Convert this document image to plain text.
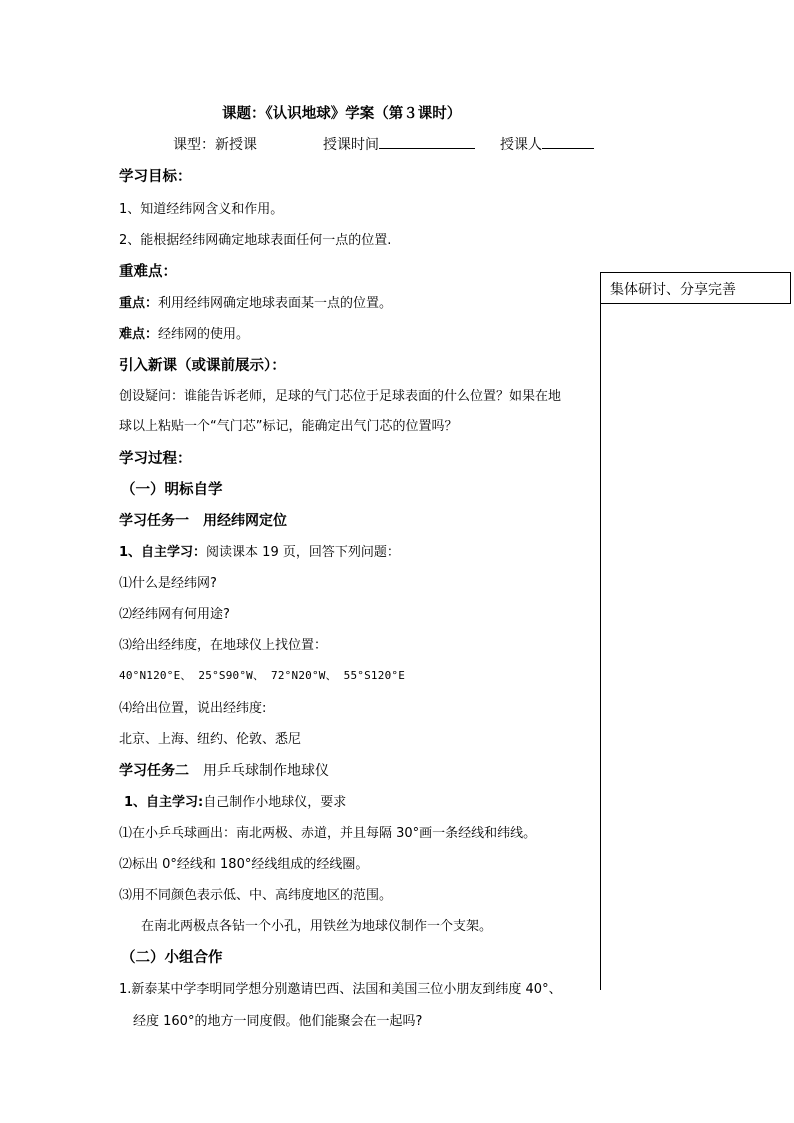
课题：《认识地球》学案（第３课时）
课型：新授课	授课时间	授课人
学习目标：
1、知道经纬网含义和作用。
2、能根据经纬网确定地球表面任何一点的位置.
重难点：
重点：利用经纬网确定地球表面某一点的位置。
难点：经纬网的使用。
引入新课（或课前展示）：
创设疑问：谁能告诉老师，足球的气门芯位于足球表面的什么位置？如果在地
球以上粘贴一个“气门芯”标记，能确定出气门芯的位置吗？
学习过程：
（一）明标自学
学习任务一 用经纬网定位
1、自主学习：阅读课本 19 页，回答下列问题：
⑴什么是经纬网?
⑵经纬网有何用途?
⑶给出经纬度，在地球仪上找位置：
40°N120°E、 25°S90°W、 72°N20°W、 55°S120°E
⑷给出位置，说出经纬度:
北京、上海、纽约、伦敦、悉尼
学习任务二 用乒乓球制作地球仪
1、自主学习:自己制作小地球仪，要求
⑴在小乒乓球画出：南北两极、赤道，并且每隔 30°画一条经线和纬线。
⑵标出 0°经线和 180°经线组成的经线圈。
⑶用不同颜色表示低、中、高纬度地区的范围。
在南北两极点各钻一个小孔，用铁丝为地球仪制作一个支架。
（二）小组合作
1.新泰某中学李明同学想分别邀请巴西、法国和美国三位小朋友到纬度 40°、
经度 160°的地方一同度假。他们能聚会在一起吗?
集体研讨、分享完善
